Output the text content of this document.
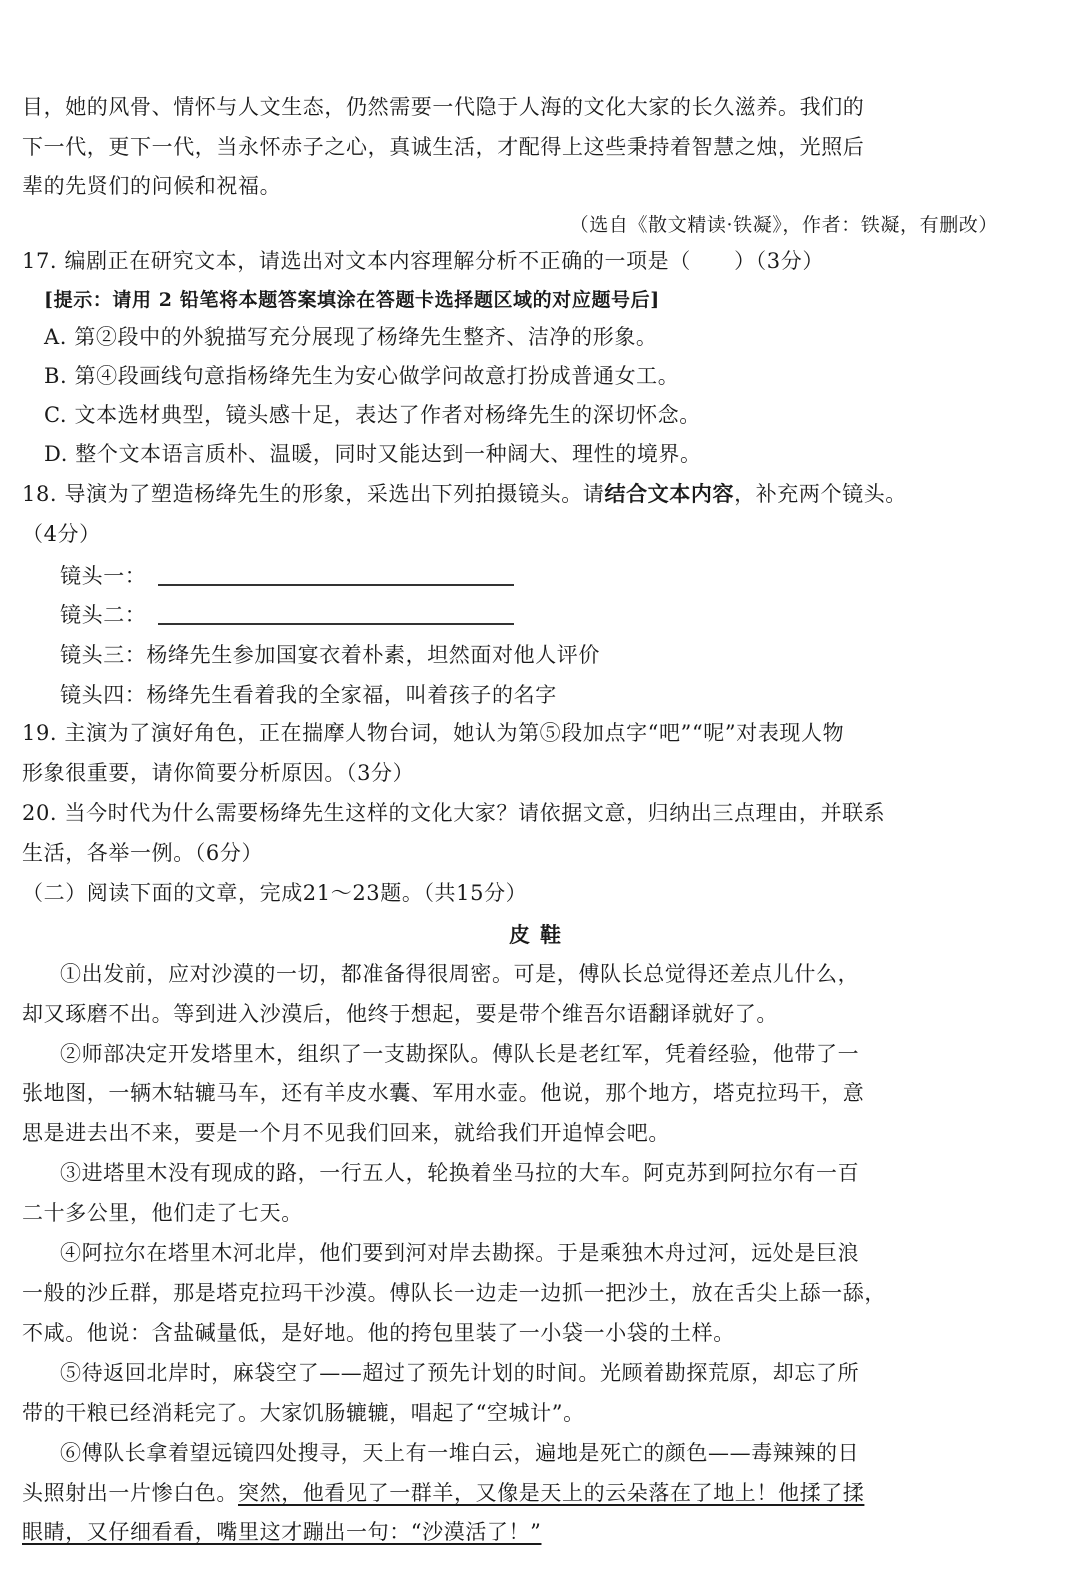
目，她的风骨、情怀与人文生态，仍然需要一代隐于人海的文化大家的长久滋养。我们的
下一代，更下一代，当永怀赤子之心，真诚生活，才配得上这些秉持着智慧之烛，光照后
辈的先贤们的问候和祝福。
（选自《散文精读·铁凝》，作者：铁凝，有删改）
17. 编剧正在研究文本，请选出对文本内容理解分析不正确的一项是（　　）（3分）
[提示：请用 2 铅笔将本题答案填涂在答题卡选择题区域的对应题号后]
A. 第②段中的外貌描写充分展现了杨绛先生整齐、洁净的形象。
B. 第④段画线句意指杨绛先生为安心做学问故意打扮成普通女工。
C. 文本选材典型，镜头感十足，表达了作者对杨绛先生的深切怀念。
D. 整个文本语言质朴、温暖，同时又能达到一种阔大、理性的境界。
18. 导演为了塑造杨绛先生的形象，采选出下列拍摄镜头。请结合文本内容，补充两个镜头。
（4分）
镜头一：
镜头二：
镜头三：杨绛先生参加国宴衣着朴素，坦然面对他人评价
镜头四：杨绛先生看着我的全家福，叫着孩子的名字
19. 主演为了演好角色，正在揣摩人物台词，她认为第⑤段加点字“吧”“呢”对表现人物
形象很重要，请你简要分析原因。（3分）
20. 当今时代为什么需要杨绛先生这样的文化大家？请依据文意，归纳出三点理由，并联系
生活，各举一例。（6分）
（二）阅读下面的文章，完成21～23题。（共15分）
皮鞋
①出发前，应对沙漠的一切，都准备得很周密。可是，傅队长总觉得还差点儿什么，
却又琢磨不出。等到进入沙漠后，他终于想起，要是带个维吾尔语翻译就好了。
②师部决定开发塔里木，组织了一支勘探队。傅队长是老红军，凭着经验，他带了一
张地图，一辆木轱辘马车，还有羊皮水囊、军用水壶。他说，那个地方，塔克拉玛干，意
思是进去出不来，要是一个月不见我们回来，就给我们开追悼会吧。
③进塔里木没有现成的路，一行五人，轮换着坐马拉的大车。阿克苏到阿拉尔有一百
二十多公里，他们走了七天。
④阿拉尔在塔里木河北岸，他们要到河对岸去勘探。于是乘独木舟过河，远处是巨浪
一般的沙丘群，那是塔克拉玛干沙漠。傅队长一边走一边抓一把沙土，放在舌尖上舔一舔，
不咸。他说：含盐碱量低，是好地。他的挎包里装了一小袋一小袋的土样。
⑤待返回北岸时，麻袋空了——超过了预先计划的时间。光顾着勘探荒原，却忘了所
带的干粮已经消耗完了。大家饥肠辘辘，唱起了“空城计”。
⑥傅队长拿着望远镜四处搜寻，天上有一堆白云，遍地是死亡的颜色——毒辣辣的日
头照射出一片惨白色。突然，他看见了一群羊，又像是天上的云朵落在了地上！他揉了揉
眼睛，又仔细看看，嘴里这才蹦出一句：“沙漠活了！”
